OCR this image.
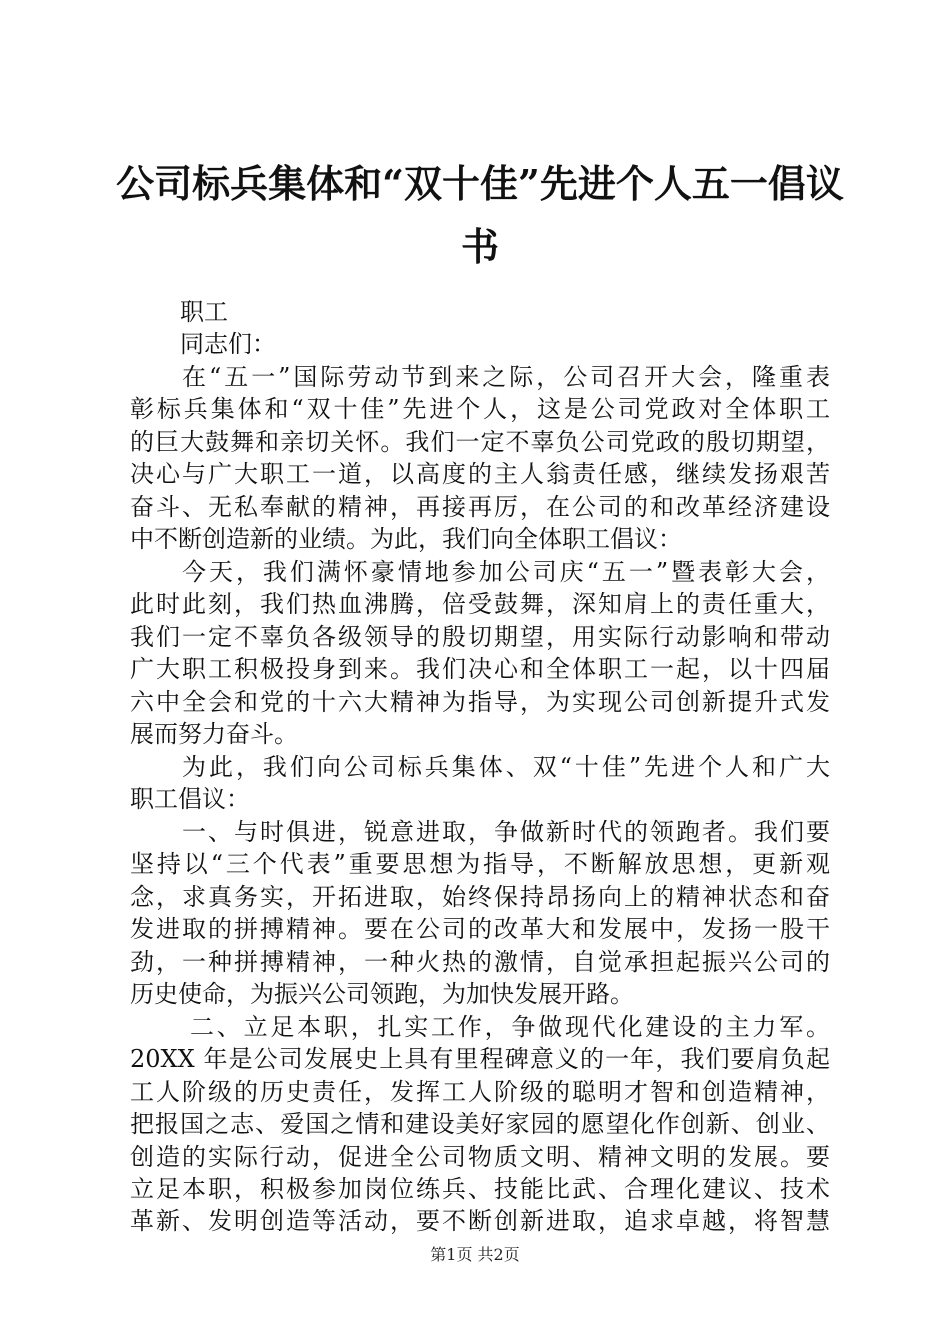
公司标兵集体和“双十佳”先进个人五一倡议
书
职工
同志们：
在“五一”国际劳动节到来之际，公司召开大会，隆重表
彰标兵集体和“双十佳”先进个人，这是公司党政对全体职工
的巨大鼓舞和亲切关怀。我们一定不辜负公司党政的殷切期望，
决心与广大职工一道，以高度的主人翁责任感，继续发扬艰苦
奋斗、无私奉献的精神，再接再厉，在公司的和改革经济建设
中不断创造新的业绩。为此，我们向全体职工倡议：
今天，我们满怀豪情地参加公司庆“五一”暨表彰大会，
此时此刻，我们热血沸腾，倍受鼓舞，深知肩上的责任重大，
我们一定不辜负各级领导的殷切期望，用实际行动影响和带动
广大职工积极投身到来。我们决心和全体职工一起，以十四届
六中全会和党的十六大精神为指导，为实现公司创新提升式发
展而努力奋斗。
为此，我们向公司标兵集体、双“十佳”先进个人和广大
职工倡议：
一、与时俱进，锐意进取，争做新时代的领跑者。我们要
坚持以“三个代表”重要思想为指导，不断解放思想，更新观
念，求真务实，开拓进取，始终保持昂扬向上的精神状态和奋
发进取的拼搏精神。要在公司的改革大和发展中，发扬一股干
劲，一种拼搏精神，一种火热的激情，自觉承担起振兴公司的
历史使命，为振兴公司领跑，为加快发展开路。
二、立足本职，扎实工作，争做现代化建设的主力军。
20XX 年是公司发展史上具有里程碑意义的一年，我们要肩负起
工人阶级的历史责任，发挥工人阶级的聪明才智和创造精神，
把报国之志、爱国之情和建设美好家园的愿望化作创新、创业、
创造的实际行动，促进全公司物质文明、精神文明的发展。要
立足本职，积极参加岗位练兵、技能比武、合理化建议、技术
革新、发明创造等活动，要不断创新进取，追求卓越，将智慧
第1页 共2页
